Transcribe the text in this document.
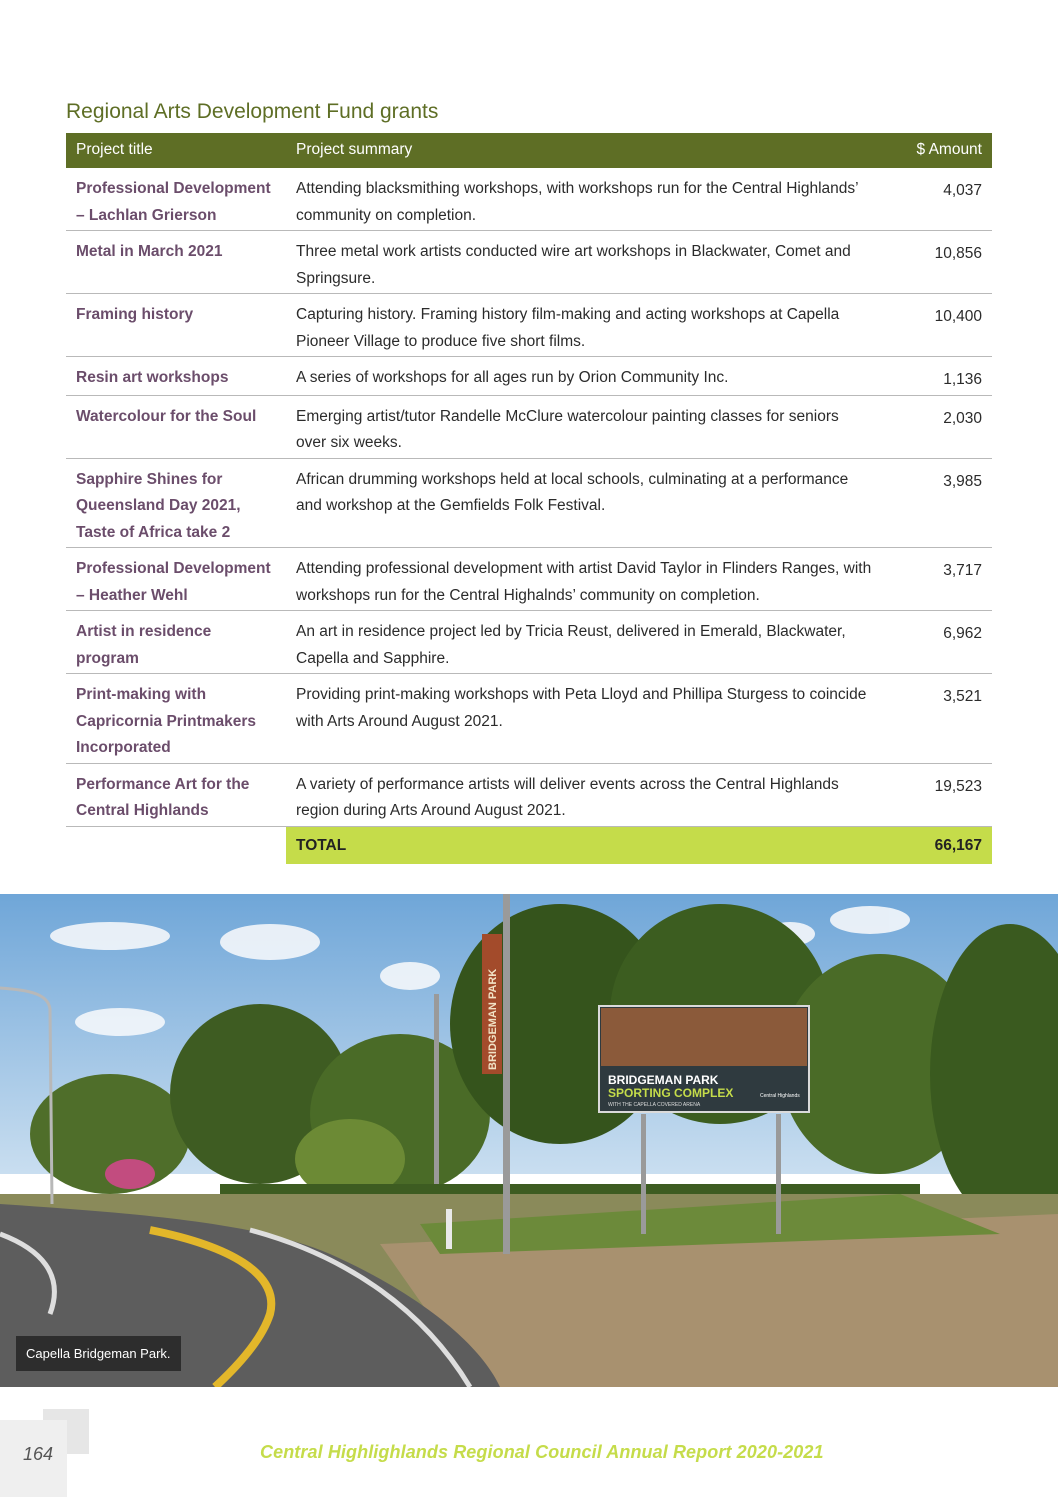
Regional Arts Development Fund grants
Project title	Project summary	$ Amount
Professional Development – Lachlan Grierson	Attending blacksmithing workshops, with workshops run for the Central Highlands’ community on completion.	4,037
Metal in March 2021	Three metal work artists conducted wire art workshops in Blackwater, Comet and Springsure.	10,856
Framing history	Capturing history. Framing history film-making and acting workshops at Capella Pioneer Village to produce five short films.	10,400
Resin art workshops	A series of workshops for all ages run by Orion Community Inc.	1,136
Watercolour for the Soul	Emerging artist/tutor Randelle McClure watercolour painting classes for seniors over six weeks.	2,030
Sapphire Shines for Queensland Day 2021, Taste of Africa take 2	African drumming workshops held at local schools, culminating at a performance and workshop at the Gemfields Folk Festival.	3,985
Professional Development – Heather Wehl	Attending professional development with artist David Taylor in Flinders Ranges, with workshops run for the Central Highalnds’ community on completion.	3,717
Artist in residence program	An art in residence project led by Tricia Reust, delivered in Emerald, Blackwater, Capella and Sapphire.	6,962
Print-making with Capricornia Printmakers Incorporated	Providing print-making workshops with Peta Lloyd and Phillipa Sturgess to coincide with Arts Around August 2021.	3,521
Performance Art for the Central Highlands	A variety of performance artists will deliver events across the Central Highlands region during Arts Around August 2021.	19,523
	TOTAL	66,167
BRIDGEMAN PARK
BRIDGEMAN PARK
SPORTING COMPLEX
WITH THE CAPELLA COVERED ARENA
Central Highlands
Capella Bridgeman Park.
164	Central Highlighlands Regional Council Annual Report 2020-2021
